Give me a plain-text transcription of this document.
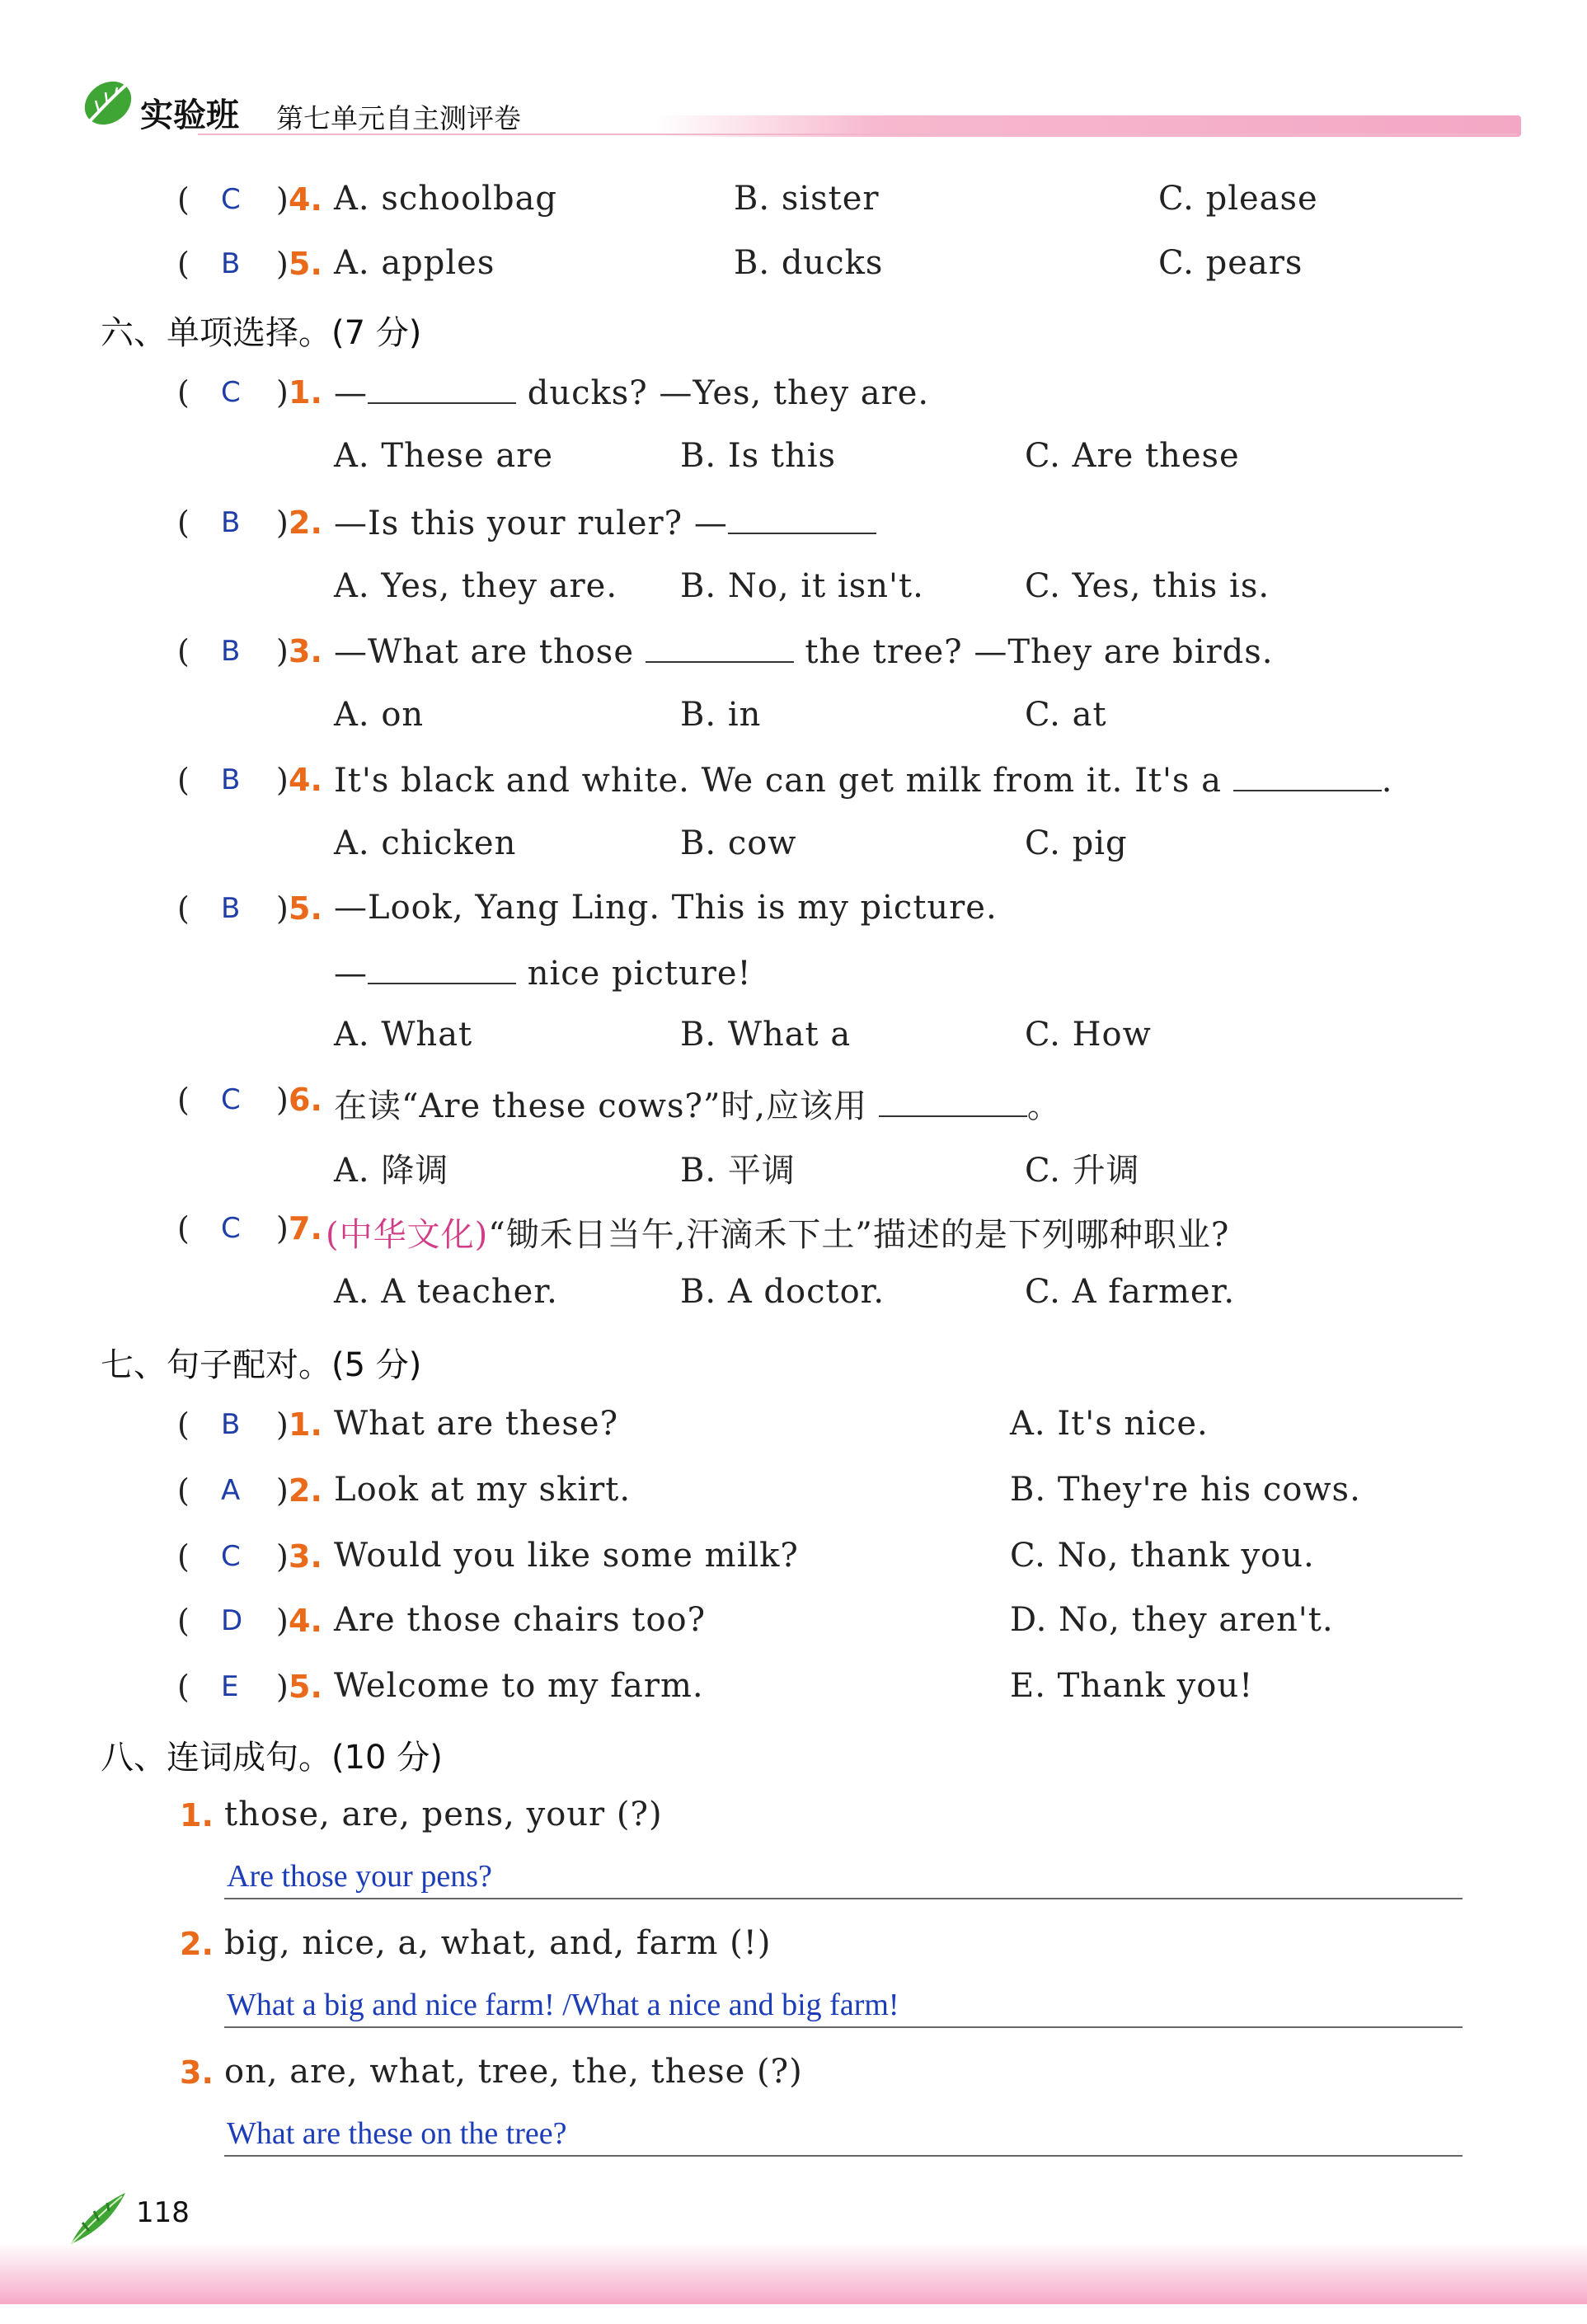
实验班 第七单元自主测评卷
( C ) 4. A. schoolbag	B. sister	C. please
( B ) 5. A. apples	B. ducks	C. pears
六、单项选择。(7 分)
( C ) 1. —	ducks? —Yes, they are.
A. These are	B. Is this	C. Are these
( B ) 2. —Is this your ruler? —
A. Yes, they are. B. No, it isn't.	C. Yes, this is.
( B ) 3. —What are those	the tree? —They are birds.
A. on	B. in	C. at
( B ) 4. It's black and white. We can get milk from it. It's a	.
A. chicken	B. cow	C. pig
( B ) 5. —Look, Yang Ling. This is my picture.
—	nice picture!
A. What	B. What a	C. How
( C ) 6. 在读“Are these cows?”时,应该用	。
A. 降调	B. 平调	C. 升调
( C ) 7. (中华文化)“锄禾日当午,汗滴禾下土”描述的是下列哪种职业?
A. A teacher.	B. A doctor.	C. A farmer.
七、句子配对。(5 分)
( B ) 1. What are these?	A. It's nice.
( A ) 2. Look at my skirt.	B. They're his cows.
( C ) 3. Would you like some milk?	C. No, thank you.
( D ) 4. Are those chairs too?	D. No, they aren't.
( E ) 5. Welcome to my farm.	E. Thank you!
八、连词成句。(10 分)
1. those, are, pens, your (?)
Are those your pens?
2. big, nice, a, what, and, farm (!)
What a big and nice farm! /What a nice and big farm!
3. on, are, what, tree, the, these (?)
What are these on the tree?
118
